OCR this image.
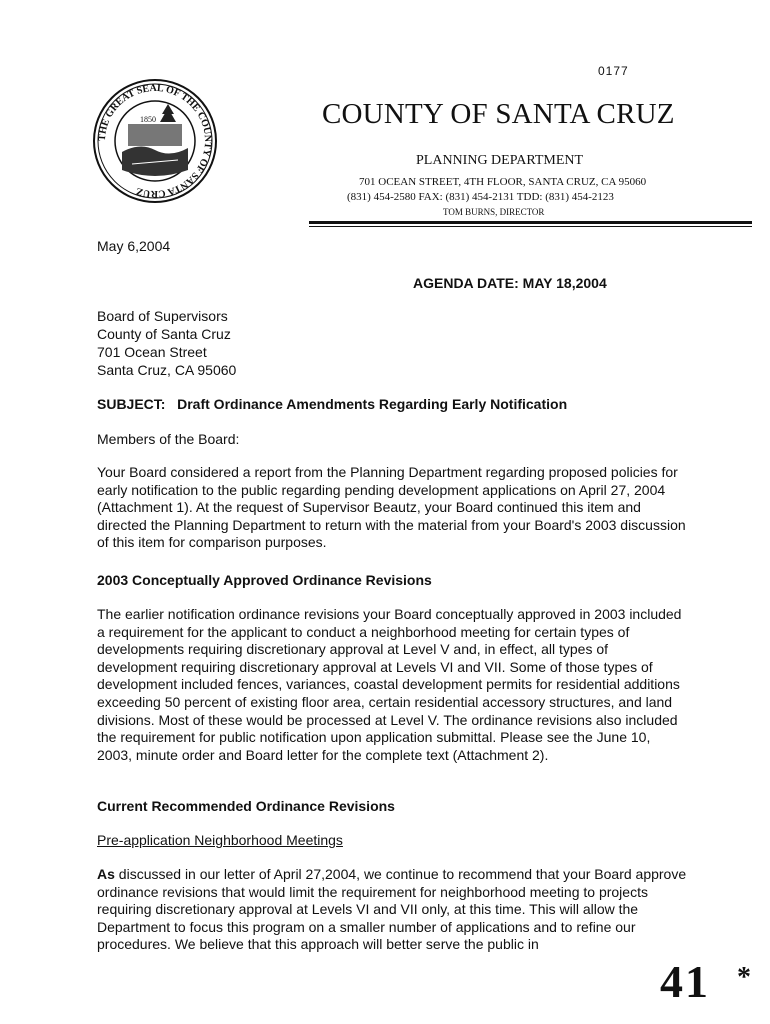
0177
THE GREAT SEAL OF THE COUNTY OF SANTA CRUZ
1850	COUNTY OF SANTA CRUZ
PLANNING DEPARTMENT
701 OCEAN STREET, 4TH FLOOR, SANTA CRUZ, CA 95060
(831) 454-2580 FAX: (831) 454-2131 TDD: (831) 454-2123
TOM BURNS, DIRECTOR
May 6,2004
AGENDA DATE: MAY 18,2004
Board of Supervisors
County of Santa Cruz
701 Ocean Street
Santa Cruz, CA 95060
SUBJECT:   Draft Ordinance Amendments Regarding Early Notification
Members of the Board:
Your Board considered a report from the Planning Department regarding proposed policies for early notification to the public regarding pending development applications on April 27, 2004 (Attachment 1). At the request of Supervisor Beautz, your Board continued this item and directed the Planning Department to return with the material from your Board's 2003 discussion of this item for comparison purposes.
2003 Conceptually Approved Ordinance Revisions
The earlier notification ordinance revisions your Board conceptually approved in 2003 included a requirement for the applicant to conduct a neighborhood meeting for certain types of developments requiring discretionary approval at Level V and, in effect, all types of development requiring discretionary approval at Levels VI and VII. Some of those types of development included fences, variances, coastal development permits for residential additions exceeding 50 percent of existing floor area, certain residential accessory structures, and land divisions. Most of these would be processed at Level V. The ordinance revisions also included the requirement for public notification upon application submittal. Please see the June 10, 2003, minute order and Board letter for the complete text (Attachment 2).
Current Recommended Ordinance Revisions
Pre-application Neighborhood Meetings
As discussed in our letter of April 27,2004, we continue to recommend that your Board approve ordinance revisions that would limit the requirement for neighborhood meeting to projects requiring discretionary approval at Levels VI and VII only, at this time. This will allow the Department to focus this program on a smaller number of applications and to refine our procedures. We believe that this approach will better serve the public in
41 *
